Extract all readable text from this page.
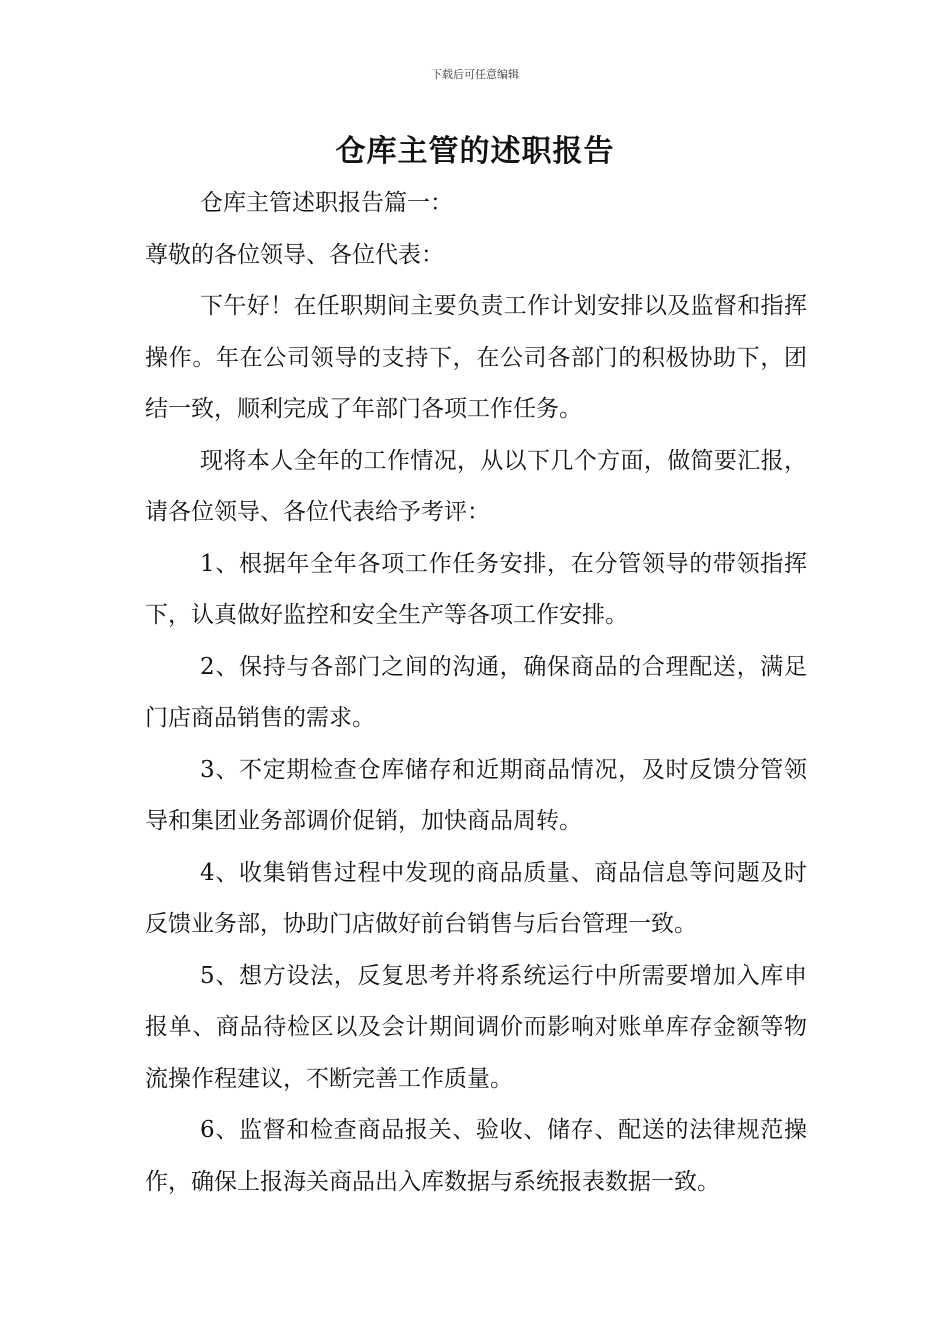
下载后可任意编辑
仓库主管的述职报告

仓库主管述职报告篇一：

尊敬的各位领导、各位代表：

下午好！在任职期间主要负责工作计划安排以及监督和指挥操作。年在公司领导的支持下，在公司各部门的积极协助下，团结一致，顺利完成了年部门各项工作任务。

现将本人全年的工作情况，从以下几个方面，做简要汇报，请各位领导、各位代表给予考评：

1、根据年全年各项工作任务安排，在分管领导的带领指挥下，认真做好监控和安全生产等各项工作安排。

2、保持与各部门之间的沟通，确保商品的合理配送，满足门店商品销售的需求。

3、不定期检查仓库储存和近期商品情况，及时反馈分管领导和集团业务部调价促销，加快商品周转。

4、收集销售过程中发现的商品质量、商品信息等问题及时反馈业务部，协助门店做好前台销售与后台管理一致。

5、想方设法，反复思考并将系统运行中所需要增加入库申报单、商品待检区以及会计期间调价而影响对账单库存金额等物流操作程建议，不断完善工作质量。

6、监督和检查商品报关、验收、储存、配送的法律规范操作，确保上报海关商品出入库数据与系统报表数据一致。
